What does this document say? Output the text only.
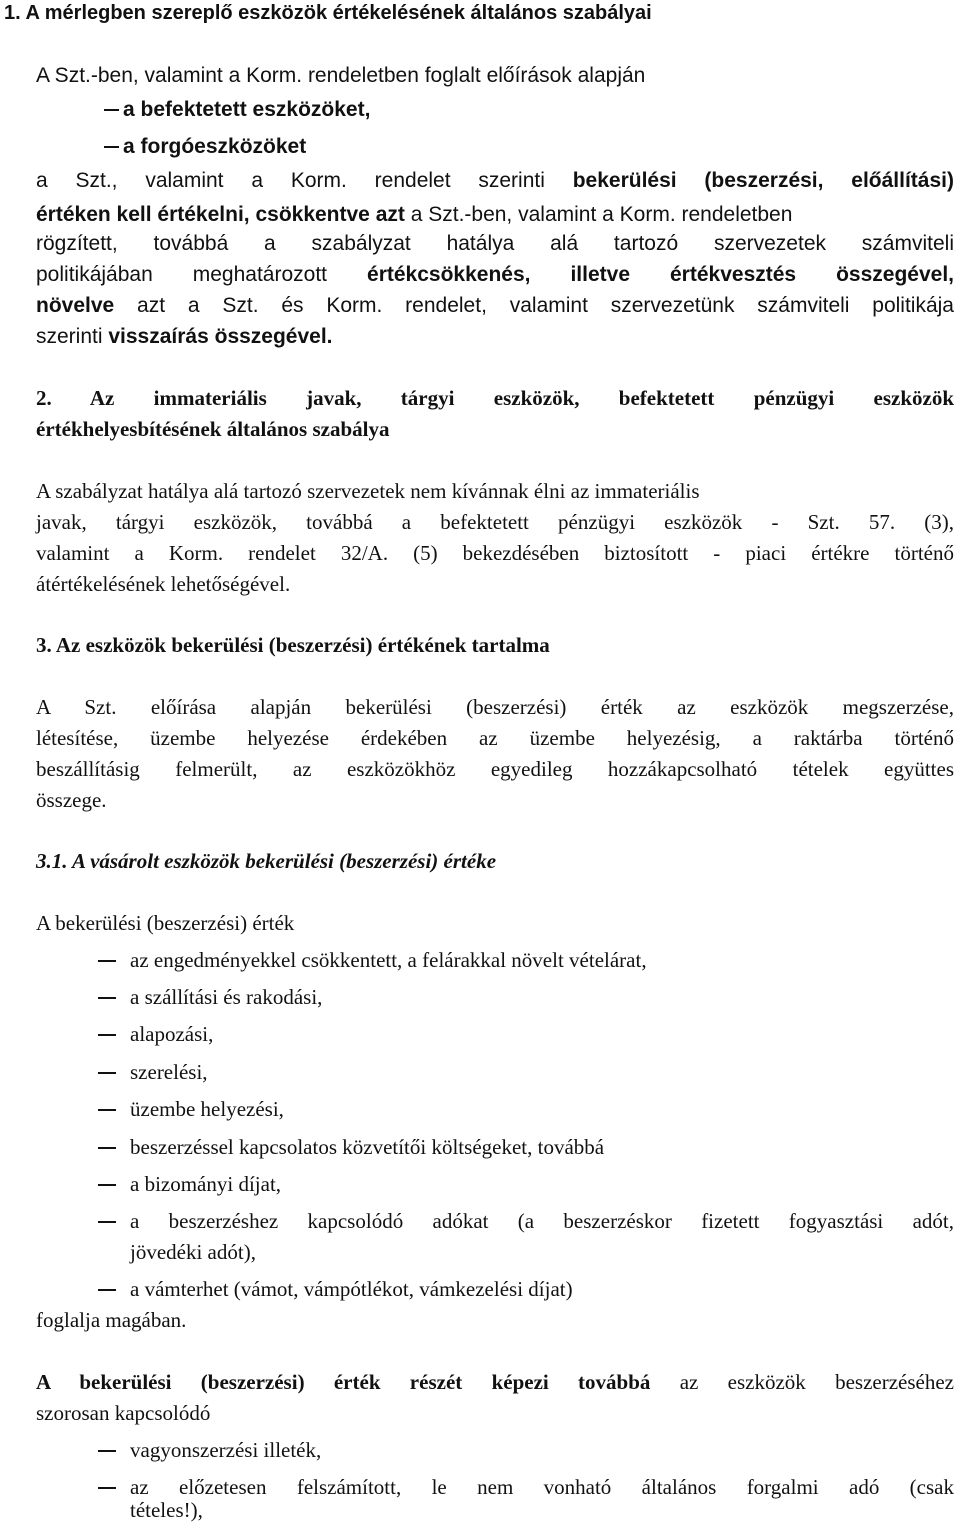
1. A mérlegben szereplő eszközök értékelésének általános szabályai
A Szt.-ben, valamint a Korm. rendeletben foglalt előírások alapján
a befektetett eszközöket,
a forgóeszközöket
a Szt., valamint a Korm. rendelet szerinti bekerülési (beszerzési, előállítási)
értéken kell értékelni, csökkentve azt a Szt.-ben, valamint a Korm. rendeletben
rögzített, továbbá a szabályzat hatálya alá tartozó szervezetek számviteli
politikájában meghatározott értékcsökkenés, illetve értékvesztés összegével,
növelve azt a Szt. és Korm. rendelet, valamint szervezetünk számviteli politikája
szerinti visszaírás összegével.
2. Az immateriális javak, tárgyi eszközök, befektetett pénzügyi eszközök
értékhelyesbítésének általános szabálya
A szabályzat hatálya alá tartozó szervezetek nem kívánnak élni az immateriális
javak, tárgyi eszközök, továbbá a befektetett pénzügyi eszközök - Szt. 57. (3),
valamint a Korm. rendelet 32/A. (5) bekezdésében biztosított - piaci értékre történő
átértékelésének lehetőségével.
3. Az eszközök bekerülési (beszerzési) értékének tartalma
A Szt. előírása alapján bekerülési (beszerzési) érték az eszközök megszerzése,
létesítése, üzembe helyezése érdekében az üzembe helyezésig, a raktárba történő
beszállításig felmerült, az eszközökhöz egyedileg hozzákapcsolható tételek együttes
összege.
3.1. A vásárolt eszközök bekerülési (beszerzési) értéke
A bekerülési (beszerzési) érték
az engedményekkel csökkentett, a felárakkal növelt vételárat,
a szállítási és rakodási,
alapozási,
szerelési,
üzembe helyezési,
beszerzéssel kapcsolatos közvetítői költségeket, továbbá
a bizományi díjat,
a beszerzéshez kapcsolódó adókat (a beszerzéskor fizetett fogyasztási adót,
jövedéki adót),
a vámterhet (vámot, vámpótlékot, vámkezelési díjat)
foglalja magában.
A bekerülési (beszerzési) érték részét képezi továbbá az eszközök beszerzéséhez
szorosan kapcsolódó
vagyonszerzési illeték,
az előzetesen felszámított, le nem vonható általános forgalmi adó (csak
tételes!),
